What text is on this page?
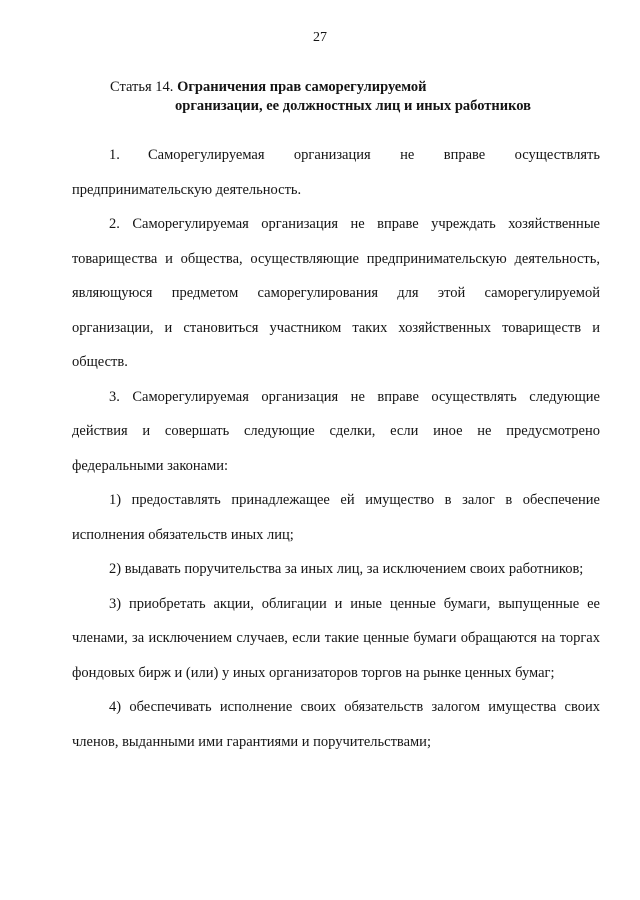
27
Статья 14. Ограничения прав саморегулируемой
организации, ее должностных лиц и иных работников

1. Саморегулируемая организация не вправе осуществлять предпринимательскую деятельность.

2. Саморегулируемая организация не вправе учреждать хозяйственные товарищества и общества, осуществляющие предпринимательскую деятельность, являющуюся предметом саморегулирования для этой саморегулируемой организации, и становиться участником таких хозяйственных товариществ и обществ.

3. Саморегулируемая организация не вправе осуществлять следующие действия и совершать следующие сделки, если иное не предусмотрено федеральными законами:

1) предоставлять принадлежащее ей имущество в залог в обеспечение исполнения обязательств иных лиц;

2) выдавать поручительства за иных лиц, за исключением своих работников;

3) приобретать акции, облигации и иные ценные бумаги, выпущенные ее членами, за исключением случаев, если такие ценные бумаги обращаются на торгах фондовых бирж и (или) у иных организаторов торгов на рынке ценных бумаг;

4) обеспечивать исполнение своих обязательств залогом имущества своих членов, выданными ими гарантиями и поручительствами;
